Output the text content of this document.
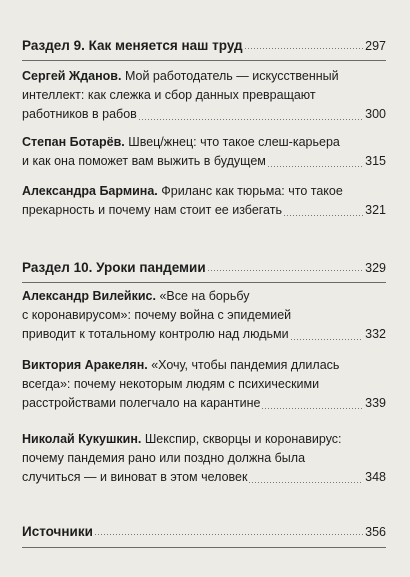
Раздел 9. Как меняется наш труд	297
Сергей Жданов. Мой работодатель — искусственный
интеллект: как слежка и сбор данных превращают
работников в рабов	300
Степан Ботарёв. Швец/жнец: что такое слеш-карьера
и как она поможет вам выжить в будущем	315
Александра Бармина. Фриланс как тюрьма: что такое
прекарность и почему нам стоит ее избегать	321
Раздел 10. Уроки пандемии	329
Александр Вилейкис. «Все на борьбу
с коронавирусом»: почему война с эпидемией
приводит к тотальному контролю над людьми	332
Виктория Аракелян. «Хочу, чтобы пандемия длилась
всегда»: почему некоторым людям с психическими
расстройствами полегчало на карантине	339
Николай Кукушкин. Шекспир, скворцы и коронавирус:
почему пандемия рано или поздно должна была
случиться — и виноват в этом человек	348
Источники	356
